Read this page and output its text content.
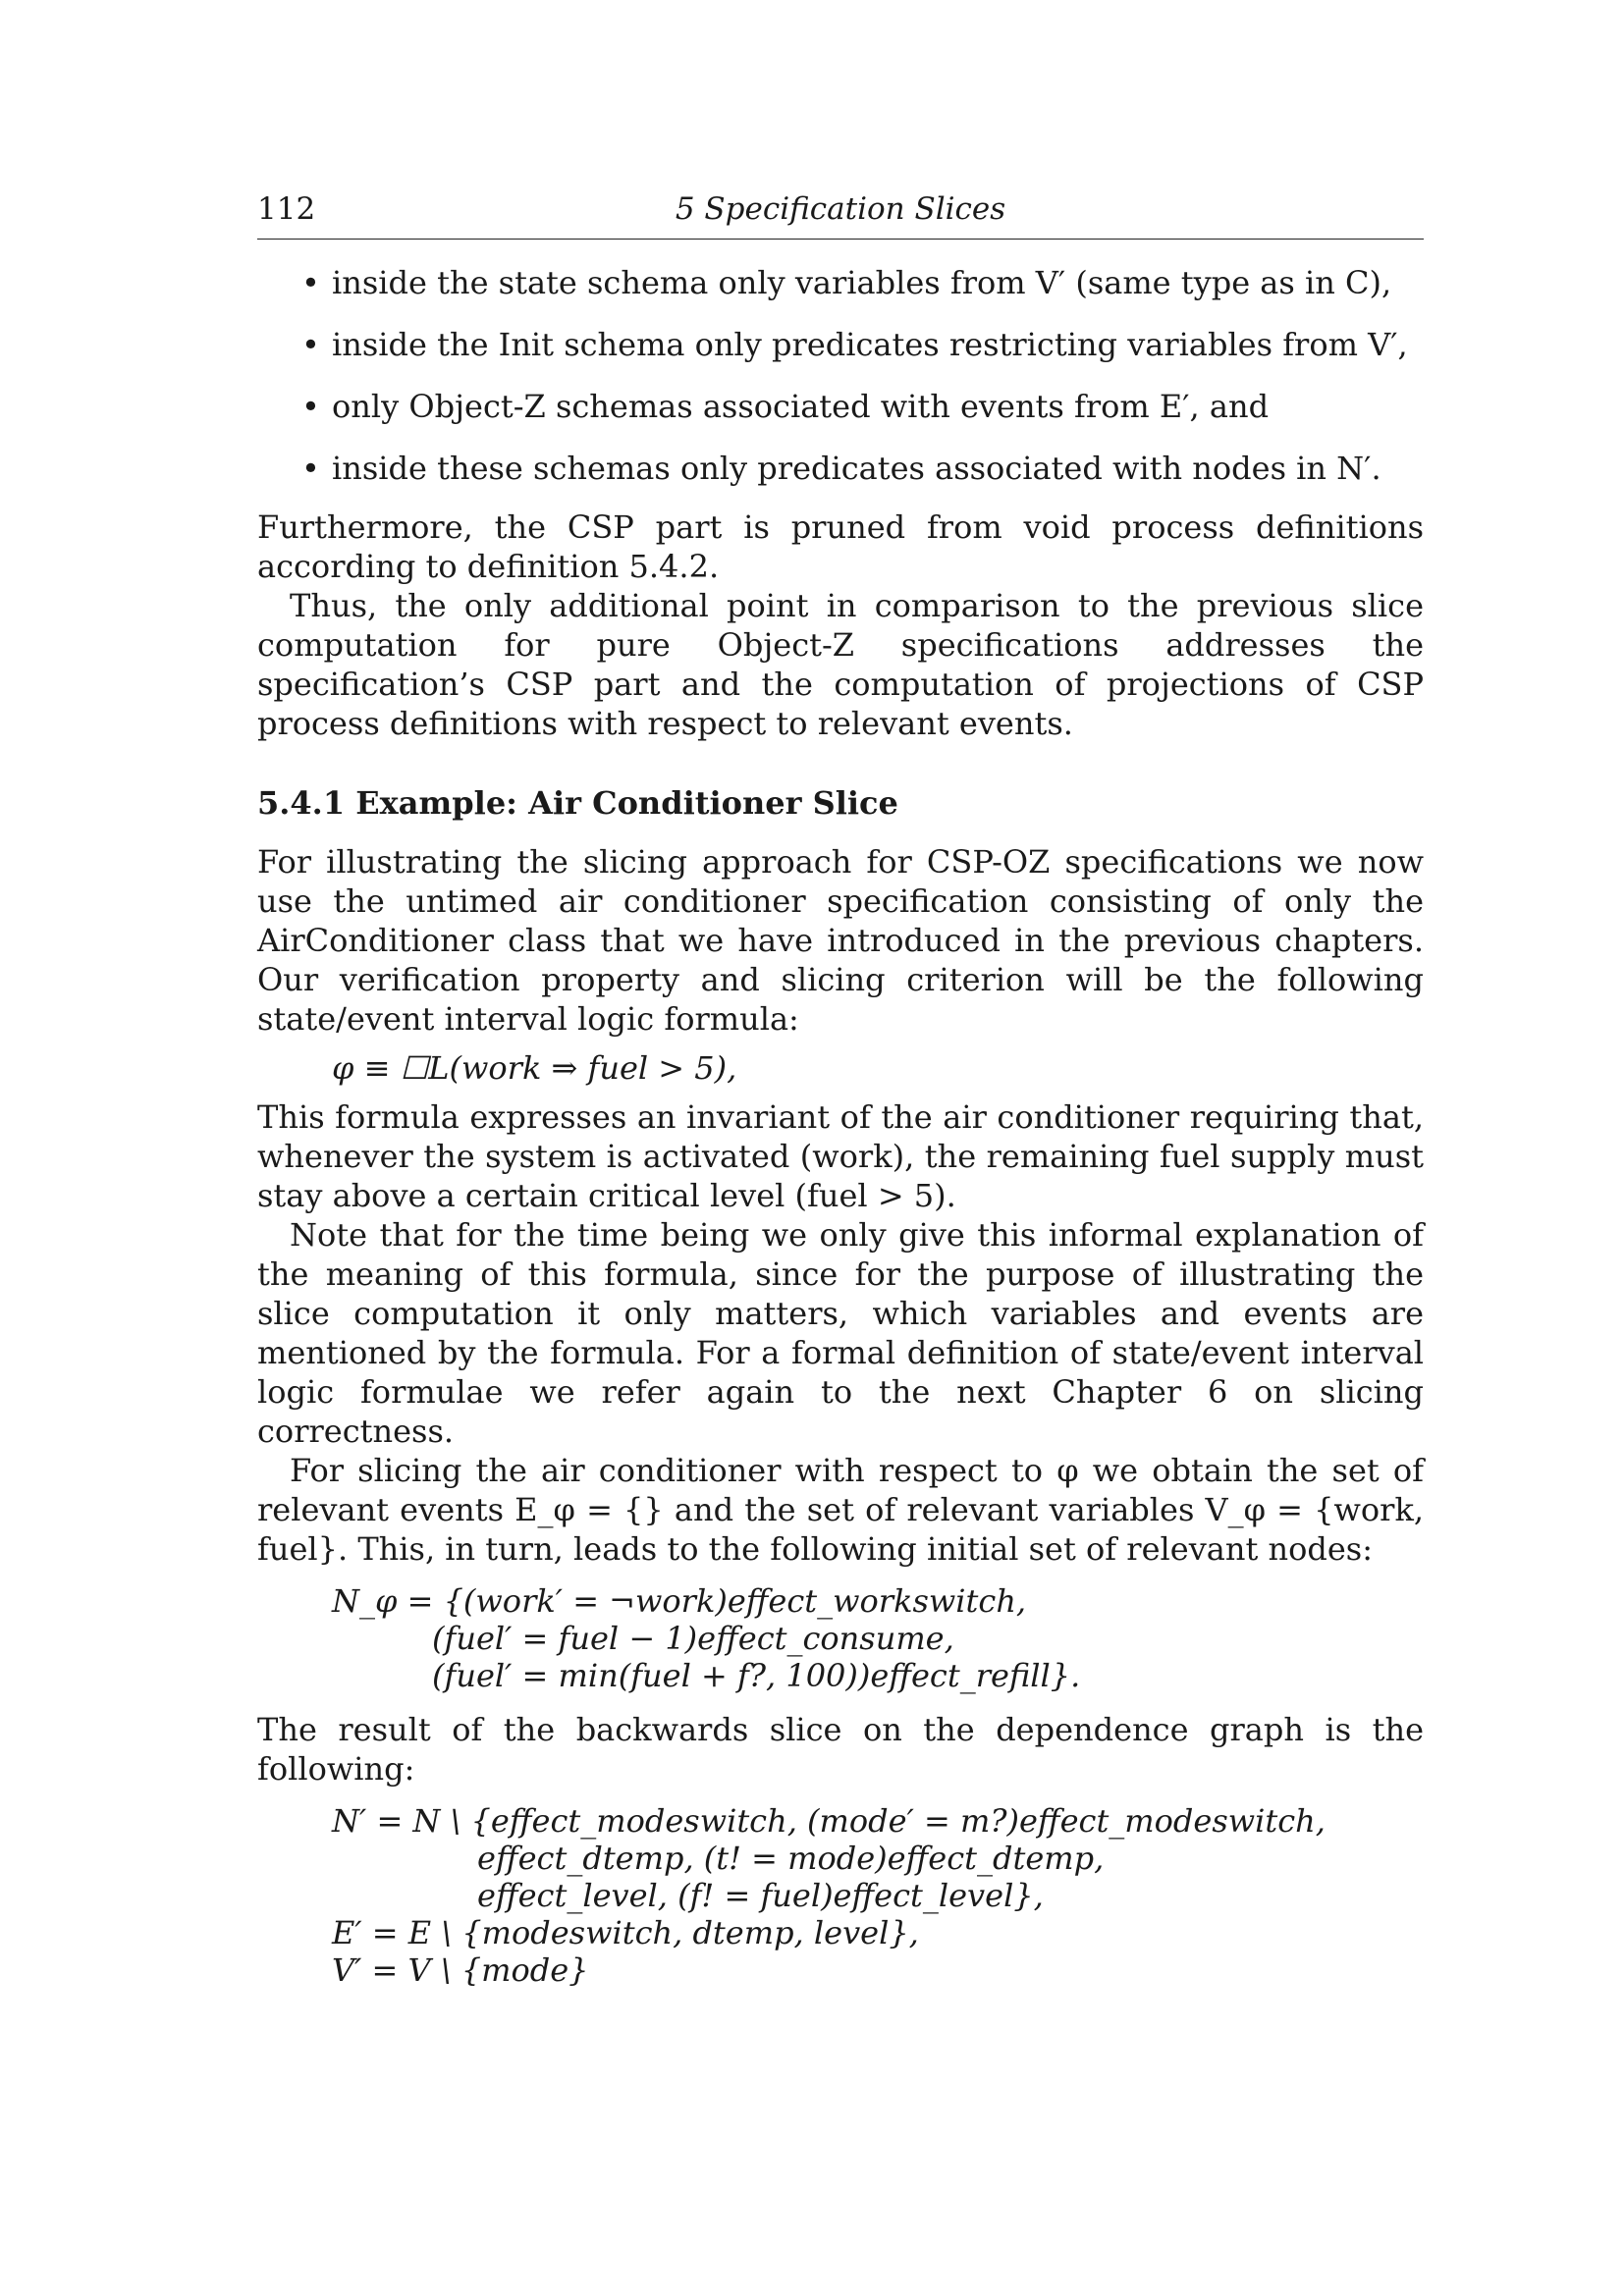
112	5 Specification Slices
• inside the state schema only variables from V′ (same type as in C),
• inside the Init schema only predicates restricting variables from V′,
• only Object-Z schemas associated with events from E′, and
• inside these schemas only predicates associated with nodes in N′.

Furthermore, the CSP part is pruned from void process definitions according to definition 5.4.2.

Thus, the only additional point in comparison to the previous slice computation for pure Object-Z specifications addresses the specification’s CSP part and the computation of projections of CSP process definitions with respect to relevant events.

5.4.1 Example: Air Conditioner Slice

For illustrating the slicing approach for CSP-OZ specifications we now use the untimed air conditioner specification consisting of only the AirConditioner class that we have introduced in the previous chapters. Our verification property and slicing criterion will be the following state/event interval logic formula:

φ ≡ ☐L(work ⇒ fuel > 5),

This formula expresses an invariant of the air conditioner requiring that, whenever the system is activated (work), the remaining fuel supply must stay above a certain critical level (fuel > 5).

Note that for the time being we only give this informal explanation of the meaning of this formula, since for the purpose of illustrating the slice computation it only matters, which variables and events are mentioned by the formula. For a formal definition of state/event interval logic formulae we refer again to the next Chapter 6 on slicing correctness.

For slicing the air conditioner with respect to φ we obtain the set of relevant events E_φ = {} and the set of relevant variables V_φ = {work, fuel}. This, in turn, leads to the following initial set of relevant nodes:

N_φ = {(work′ = ¬work)effect_workswitch,
(fuel′ = fuel − 1)effect_consume,
(fuel′ = min(fuel + f?, 100))effect_refill}.

The result of the backwards slice on the dependence graph is the following:

N′ = N \ {effect_modeswitch, (mode′ = m?)effect_modeswitch,
effect_dtemp, (t! = mode)effect_dtemp,
effect_level, (f! = fuel)effect_level},
E′ = E \ {modeswitch, dtemp, level},
V′ = V \ {mode}
